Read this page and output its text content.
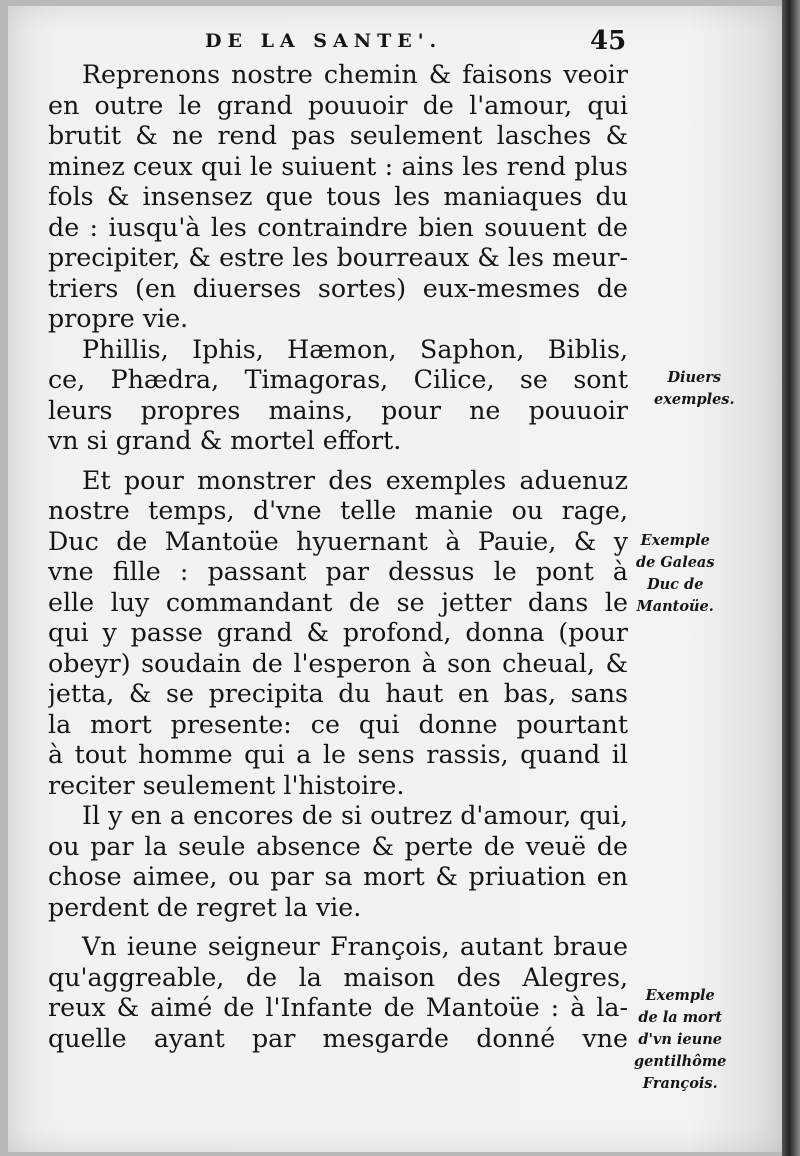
DE LA SANTE'.	45
Reprenons nostre chemin & faisons veoir
en outre le grand pouuoir de l'amour, qui
brutit & ne rend pas seulement lasches &
minez ceux qui le suiuent : ains les rend plus
fols & insensez que tous les maniaques du
de : iusqu'à les contraindre bien souuent de
precipiter, & estre les bourreaux & les meur-
triers (en diuerses sortes) eux-mesmes de
propre vie.
Phillis, Iphis, Hæmon, Saphon, Biblis,
ce, Phædra, Timagoras, Cilice, se sont
leurs propres mains, pour ne pouuoir
vn si grand & mortel effort.
Et pour monstrer des exemples aduenuz
nostre temps, d'vne telle manie ou rage,
Duc de Mantoüe hyuernant à Pauie, & y
vne fille : passant par dessus le pont à
elle luy commandant de se jetter dans le
qui y passe grand & profond, donna (pour
obeyr) soudain de l'esperon à son cheual, &
jetta, & se precipita du haut en bas, sans
la mort presente: ce qui donne pourtant
à tout homme qui a le sens rassis, quand il
reciter seulement l'histoire.
Il y en a encores de si outrez d'amour, qui,
ou par la seule absence & perte de veuë de
chose aimee, ou par sa mort & priuation en
perdent de regret la vie.
Vn ieune seigneur François, autant braue
qu'aggreable, de la maison des Alegres,
reux & aimé de l'Infante de Mantoüe : à la-
quelle ayant par mesgarde donné vne
Diuers
exemples.
Exemple
de Galeas
Duc de
Mantoüe.
Exemple
de la mort
d'vn ieune
gentilhôme
François.
